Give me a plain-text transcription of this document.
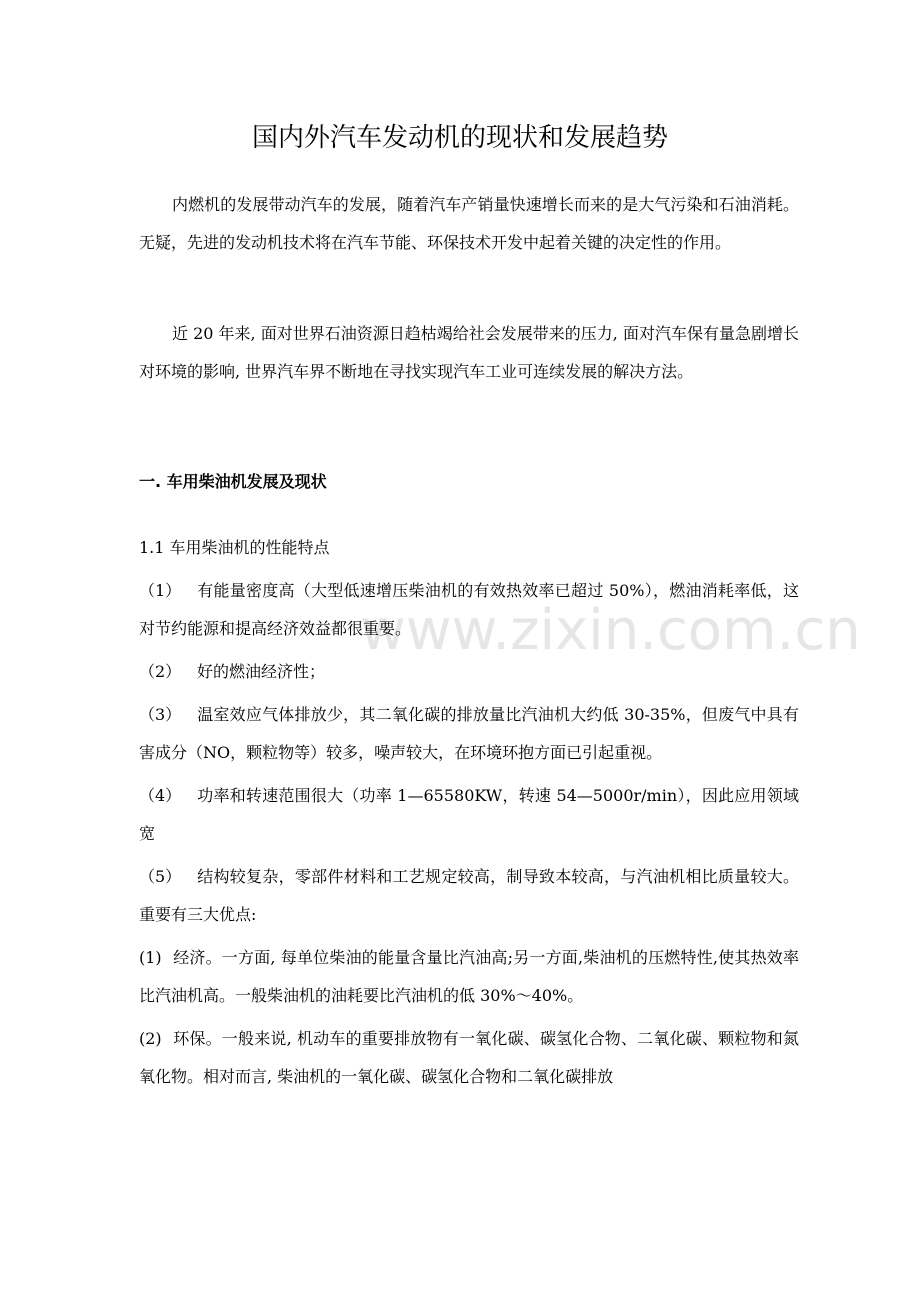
www.zixin.com.cn
国内外汽车发动机的现状和发展趋势
内燃机的发展带动汽车的发展，随着汽车产销量快速增长而来的是大气污染和石油消耗。无疑，先进的发动机技术将在汽车节能、环保技术开发中起着关键的决定性的作用。
近 20 年来, 面对世界石油资源日趋枯竭给社会发展带来的压力, 面对汽车保有量急剧增长对环境的影响, 世界汽车界不断地在寻找实现汽车工业可连续发展的解决方法。
一. 车用柴油机发展及现状
1.1 车用柴油机的性能特点
（1） 有能量密度高（大型低速增压柴油机的有效热效率已超过 50%），燃油消耗率低，这对节约能源和提高经济效益都很重要。
（2） 好的燃油经济性；
（3） 温室效应气体排放少，其二氧化碳的排放量比汽油机大约低 30-35%，但废气中具有害成分（NO，颗粒物等）较多，噪声较大，在环境环抱方面已引起重视。
（4） 功率和转速范围很大（功率 1—65580KW，转速 54—5000r/min），因此应用领域宽
（5） 结构较复杂，零部件材料和工艺规定较高，制导致本较高，与汽油机相比质量较大。重要有三大优点:
(1) 经济。一方面, 每单位柴油的能量含量比汽油高;另一方面,柴油机的压燃特性,使其热效率比汽油机高。一般柴油机的油耗要比汽油机的低 30%～40%。
(2) 环保。一般来说, 机动车的重要排放物有一氧化碳、碳氢化合物、二氧化碳、颗粒物和氮氧化物。相对而言, 柴油机的一氧化碳、碳氢化合物和二氧化碳排放
